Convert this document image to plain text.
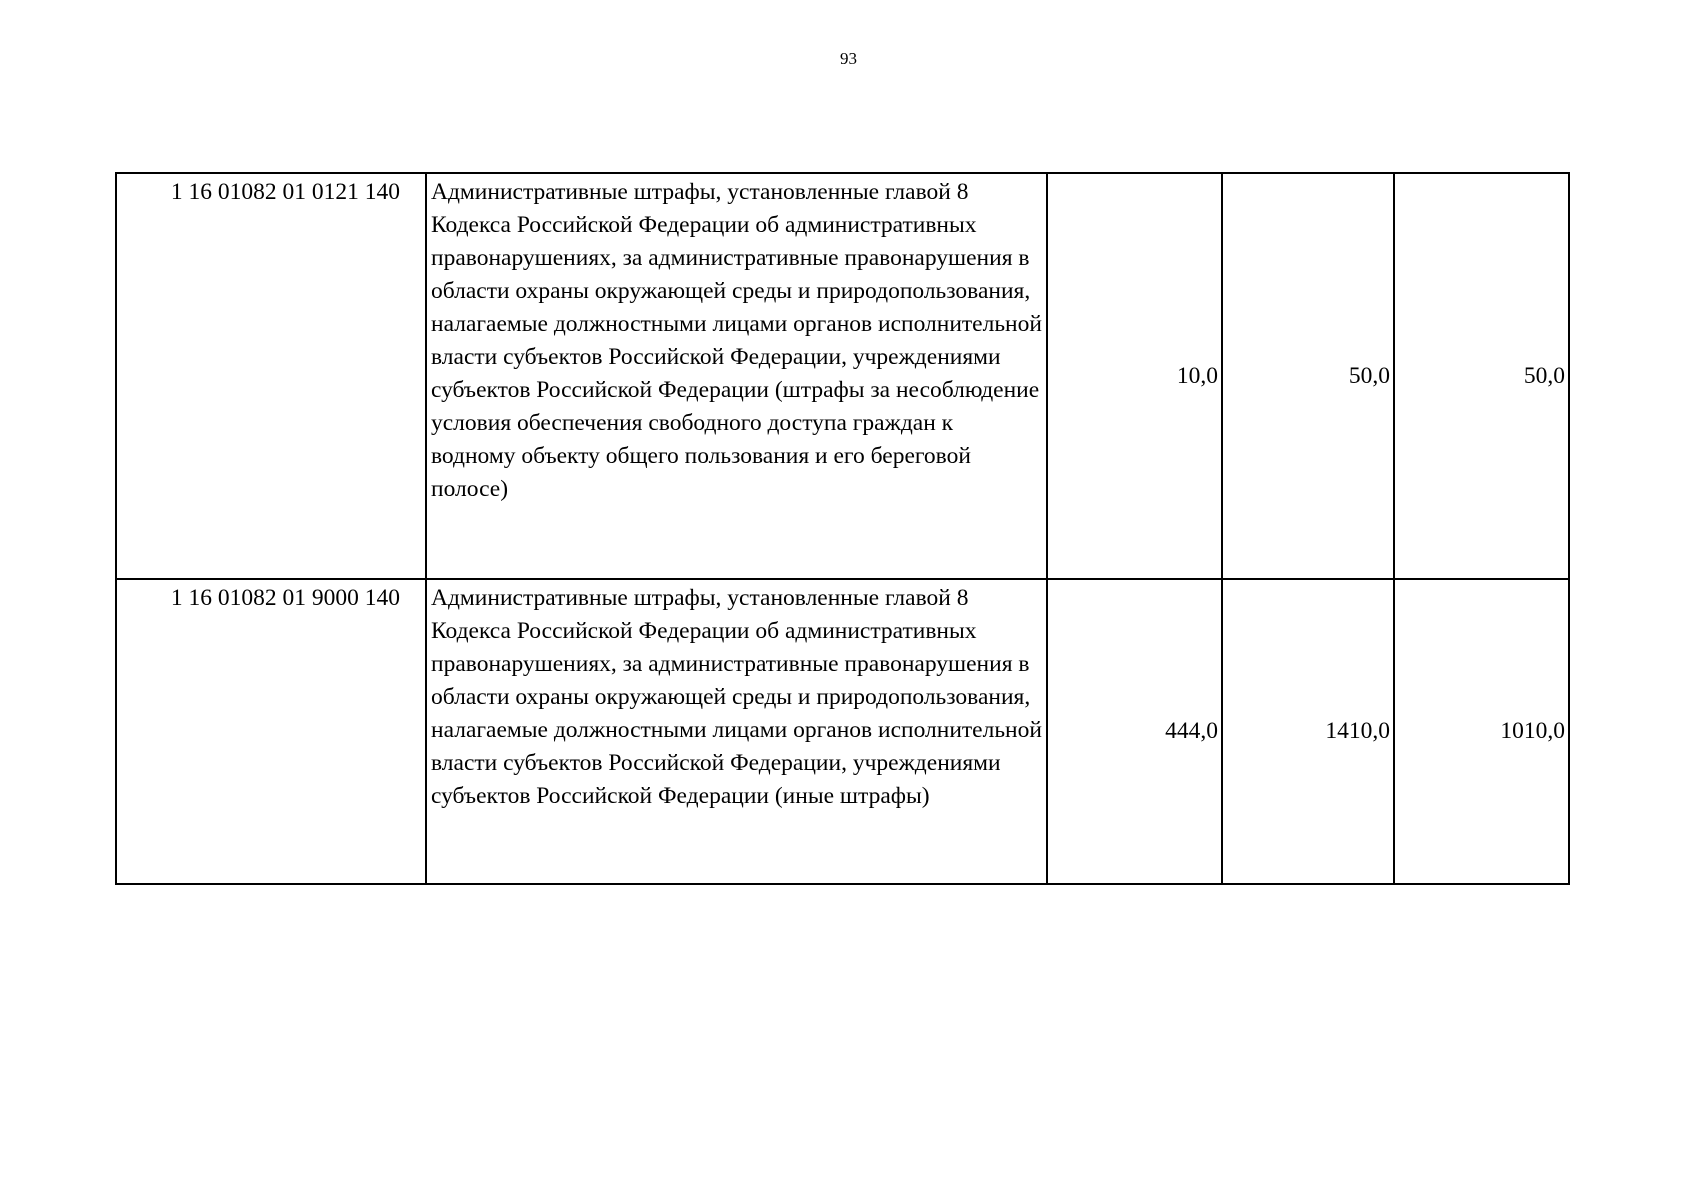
93
1 16 01082 01 0121 140	Административные штрафы, установленные главой 8 Кодекса Российской Федерации об административных правонарушениях, за административные правонарушения в области охраны окружающей среды и природопользования, налагаемые должностными лицами органов исполнительной власти субъектов Российской Федерации, учреждениями субъектов Российской Федерации (штрафы за несоблюдение условия обеспечения свободного доступа граждан к водному объекту общего пользования и его береговой полосе)	10,0	50,0	50,0
1 16 01082 01 9000 140	Административные штрафы, установленные главой 8 Кодекса Российской Федерации об административных правонарушениях, за административные правонарушения в области охраны окружающей среды и природопользования, налагаемые должностными лицами органов исполнительной власти субъектов Российской Федерации, учреждениями субъектов Российской Федерации (иные штрафы)	444,0	1410,0	1010,0
